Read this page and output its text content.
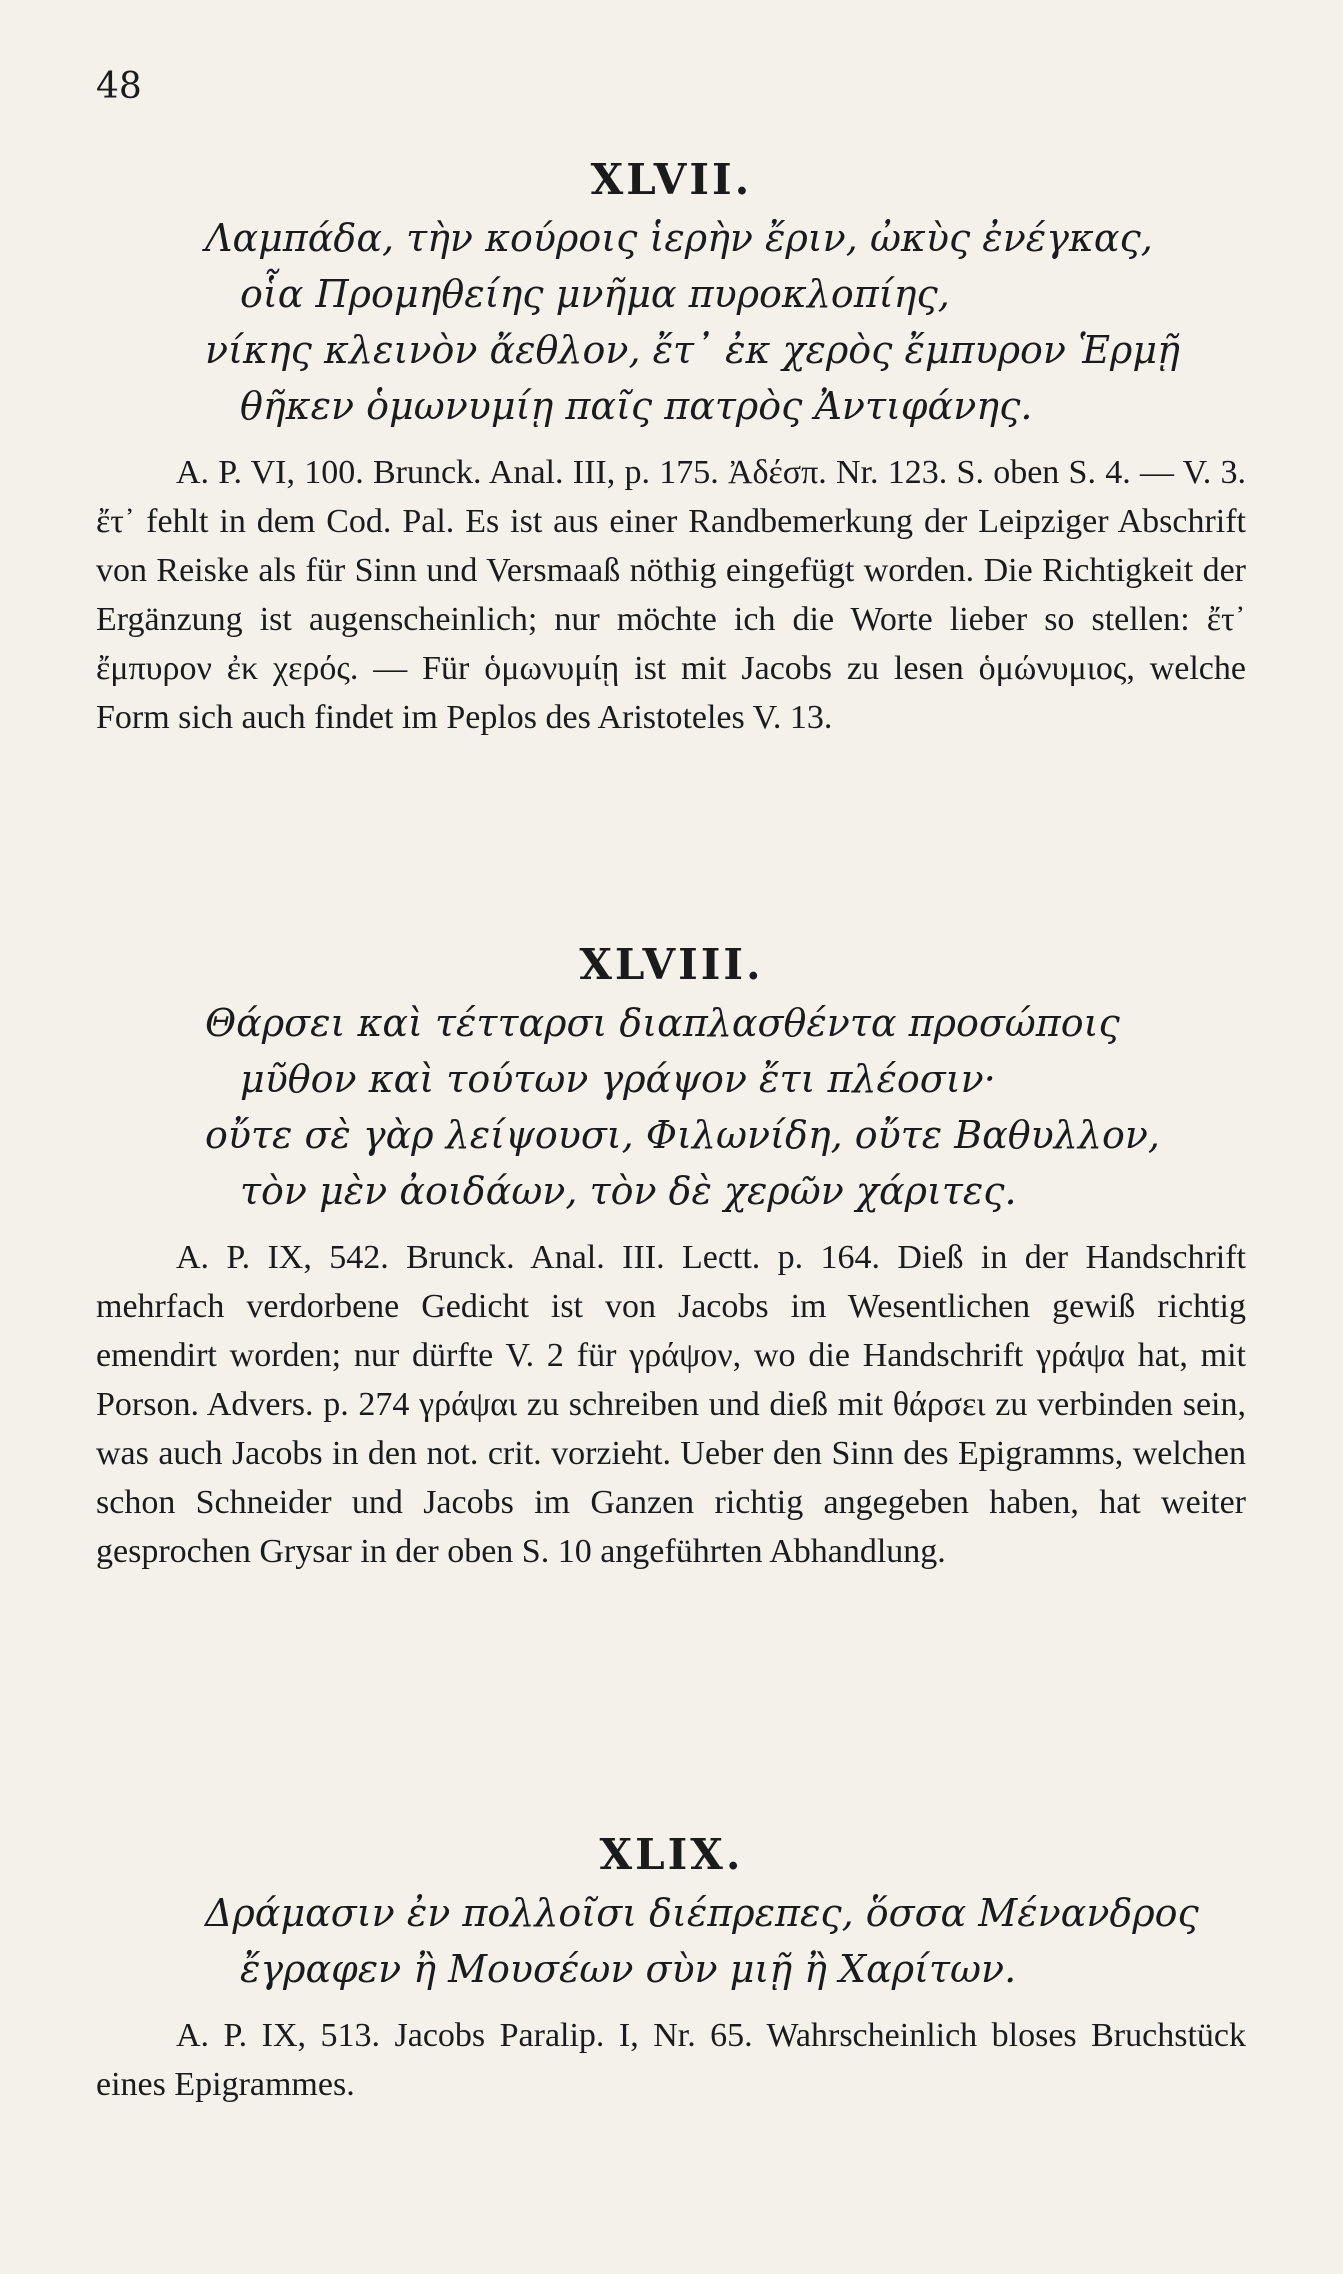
48
XLVII.

Λαμπάδα, τὴν κούροις ἱερὴν ἔριν, ὠκὺς ἐνέγκας,

οἷα Προμηθείης μνῆμα πυροκλοπίης,

νίκης κλεινὸν ἄεθλον, ἔτ᾽ ἐκ χερὸς ἔμπυρον Ἑρμῇ

θῆκεν ὁμωνυμίῃ παῖς πατρὸς Ἀντιφάνης.

A. P. VI, 100. Brunck. Anal. III, p. 175. Ἀδέσπ. Nr. 123. S. oben S. 4. — V. 3. ἔτ᾽ fehlt in dem Cod. Pal. Es ist aus einer Randbemerkung der Leipziger Abschrift von Reiske als für Sinn und Versmaaß nöthig eingefügt worden. Die Richtigkeit der Ergänzung ist augenscheinlich; nur möchte ich die Worte lieber so stellen: ἔτ᾽ ἔμπυρον ἐκ χερός. — Für ὁμωνυμίῃ ist mit Jacobs zu lesen ὁμώνυμιος, welche Form sich auch findet im Peplos des Aristoteles V. 13.

XLVIII.

Θάρσει καὶ τέτταρσι διαπλασθέντα προσώποις

μῦθον καὶ τούτων γράψον ἔτι πλέοσιν·

οὔτε σὲ γὰρ λείψουσι, Φιλωνίδη, οὔτε Βαθυλλον,

τὸν μὲν ἀοιδάων, τὸν δὲ χερῶν χάριτες.

A. P. IX, 542. Brunck. Anal. III. Lectt. p. 164. Dieß in der Handschrift mehrfach verdorbene Gedicht ist von Jacobs im Wesentlichen gewiß richtig emendirt worden; nur dürfte V. 2 für γράψον, wo die Handschrift γράψα hat, mit Porson. Advers. p. 274 γράψαι zu schreiben und dieß mit θάρσει zu verbinden sein, was auch Jacobs in den not. crit. vorzieht. Ueber den Sinn des Epigramms, welchen schon Schneider und Jacobs im Ganzen richtig angegeben haben, hat weiter gesprochen Grysar in der oben S. 10 angeführten Abhandlung.

XLIX.

Δράμασιν ἐν πολλοῖσι διέπρεπες, ὅσσα Μένανδρος

ἔγραφεν ἢ Μουσέων σὺν μιῇ ἢ Χαρίτων.

A. P. IX, 513. Jacobs Paralip. I, Nr. 65. Wahrscheinlich bloses Bruchstück eines Epigrammes.
